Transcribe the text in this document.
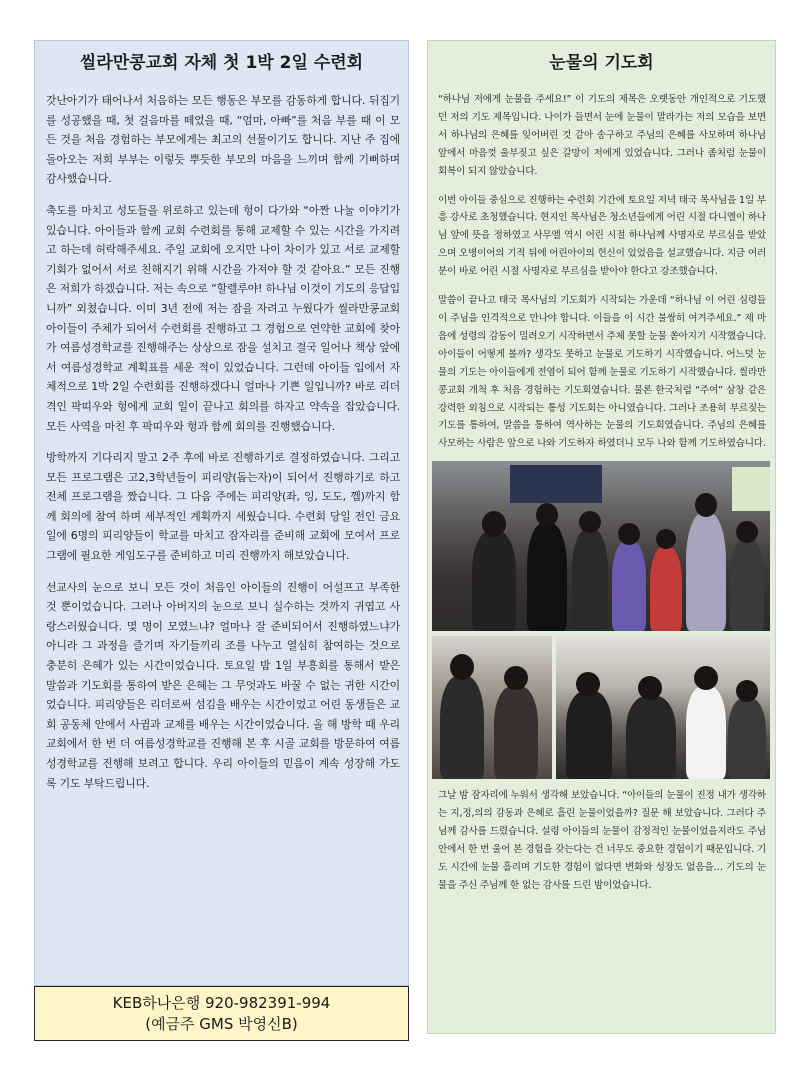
씰라만콩교회 자체 첫 1박 2일 수련회

갓난아기가 태어나서 처음하는 모든 행동은 부모를 감동하게 합니다. 뒤집기를 성공했을 때, 첫 걸음마를 떼었을 때, “엄마, 아빠”를 처음 부를 때 이 모든 것을 처음 경험하는 부모에게는 최고의 선물이기도 합니다. 지난 주 집에 돌아오는 저희 부부는 이렇듯 뿌듯한 부모의 마음을 느끼며 함께 기뻐하며 감사했습니다.

축도를 마치고 성도들을 위로하고 있는데 헝이 다가와 “아짠 나눌 이야기가 있습니다. 아이들과 함께 교회 수련회를 통해 교제할 수 있는 시간을 가지려고 하는데 허락해주세요. 주일 교회에 오지만 나이 차이가 있고 서로 교제할 기회가 없어서 서로 친해지기 위해 시간을 가져야 할 것 같아요.” 모든 진행은 저희가 하겠습니다. 저는 속으로 “할렐루야! 하나님 이것이 기도의 응답입니까” 외쳤습니다. 이미 3년 전에 저는 잠을 자려고 누웠다가 씰라만콩교회 아이들이 주체가 되어서 수련회를 진행하고 그 경험으로 연약한 교회에 찾아가 여름성경학교를 진행해주는 상상으로 잠을 설치고 결국 일어나 책상 앞에서 여름성경학교 계획표를 세운 적이 있었습니다. 그런데 아이들 입에서 자체적으로 1박 2일 수련회를 진행하겠다니 얼마나 기쁜 일입니까? 바로 리더격인 팍띠우와 헝에게 교회 일이 끝나고 회의를 하자고 약속을 잡았습니다. 모든 사역을 마친 후 팍띠우와 헝과 함께 회의를 진행했습니다.

방학까지 기다리지 말고 2주 후에 바로 진행하기로 결정하였습니다. 그리고 모든 프로그램은 고2,3학년들이 피리양(돕는자)이 되어서 진행하기로 하고 전체 프로그램을 짰습니다. 그 다음 주에는 피리양(좌, 잉, 도도, 껨)까지 함께 회의에 참여 하며 세부적인 계획까지 세웠습니다. 수련회 당일 전인 금요일에 6명의 피리양들이 학교를 마치고 잠자리를 준비해 교회에 모여서 프로그램에 필요한 게임도구를 준비하고 미리 진행까지 해보았습니다.

선교사의 눈으로 보니 모든 것이 처음인 아이들의 진행이 어설프고 부족한 것 뿐이었습니다. 그러나 아버지의 눈으로 보니 실수하는 것까지 귀엽고 사랑스러웠습니다. 몇 명이 모였느냐? 얼마나 잘 준비되어서 진행하였느냐가 아니라 그 과정을 즐기며 자기들끼리 조를 나누고 열심히 참여하는 것으로 충분히 은혜가 있는 시간이었습니다. 토요일 밤 1일 부흥회를 통해서 받은 말씀과 기도회를 통하여 받은 은혜는 그 무엇과도 바꿀 수 없는 귀한 시간이었습니다. 피리양들은 리더로써 섬김을 배우는 시간이었고 어린 동생들은 교회 공동체 안에서 사귐과 교제를 배우는 시간이었습니다. 올 해 방학 때 우리 교회에서 한 번 더 여름성경학교를 진행해 본 후 시골 교회를 방문하여 여름 성경학교를 진행해 보려고 합니다. 우리 아이들의 믿음이 계속 성장해 가도록 기도 부탁드립니다.

KEB하나은행 920-982391-994
(예금주 GMS 박영신B)
눈물의 기도회

“하나님 저에게 눈물을 주세요!” 이 기도의 제목은 오랫동안 개인적으로 기도했던 저의 기도 제목입니다. 나이가 들면서 눈에 눈물이 말라가는 저의 모습을 보면서 하나님의 은혜를 잊어버린 것 같아 송구하고 주님의 은혜를 사모하며 하나님 앞에서 마음껏 울부짖고 싶은 갈망이 저에게 있었습니다. 그러나 좀처럼 눈물이 회복이 되지 않았습니다.

이번 아이들 중심으로 진행하는 수련회 기간에 토요일 저녁 태국 목사님을 1일 부흥 강사로 초청했습니다. 현지인 목사님은 청소년들에게 어린 시절 다니엘이 하나님 앞에 뜻을 정하였고 사무엘 역시 어린 시절 하나님께 사명자로 부르심을 받았으며 오병이어의 기적 뒤에 어린아이의 헌신이 있었음을 설교했습니다. 지금 여러분이 바로 어린 시절 사명자로 부르심을 받아야 한다고 강조했습니다.

말씀이 끝나고 태국 목사님의 기도회가 시작되는 가운데 “하나님 이 어린 심령들이 주님을 인격적으로 만나야 합니다. 이들을 이 시간 불쌍히 여겨주세요.” 제 마음에 성령의 감동이 밀려오기 시작하면서 주체 못할 눈물 쏟아지기 시작했습니다. 아이들이 어떻게 볼까? 생각도 못하고 눈물로 기도하기 시작했습니다. 어느덧 눈물의 기도는 아이들에게 전염이 되어 함께 눈물로 기도하기 시작했습니다. 씰라만콩교회 개척 후 처음 경험하는 기도회였습니다. 물론 한국처럼 “주여” 삼창 같은 강력한 외침으로 시작되는 통성 기도회는 아니였습니다. 그러나 조용히 부르짖는 기도를 통하여, 말씀을 통하여 역사하는 눈물의 기도회였습니다. 주님의 은혜를 사모하는 사람은 앞으로 나와 기도하자 하였더니 모두 나와 함께 기도하였습니다.

그날 밤 잠자리에 누워서 생각해 보았습니다. “아이들의 눈물이 진정 내가 생각하는 지,정,의의 감동과 은혜로 흘린 눈물이었을까? 질문 해 보았습니다. 그러다 주님께 감사를 드렸습니다. 설령 아이들의 눈물이 감정적인 눈물이었을지라도 주님안에서 한 번 울어 본 경험을 갖는다는 건 너무도 중요한 경험이기 때문입니다. 기도 시간에 눈물 흘리며 기도한 경험이 없다면 변화와 성장도 없음을… 기도의 눈물을 주신 주님께 한 없는 감사를 드린 밤이었습니다.
